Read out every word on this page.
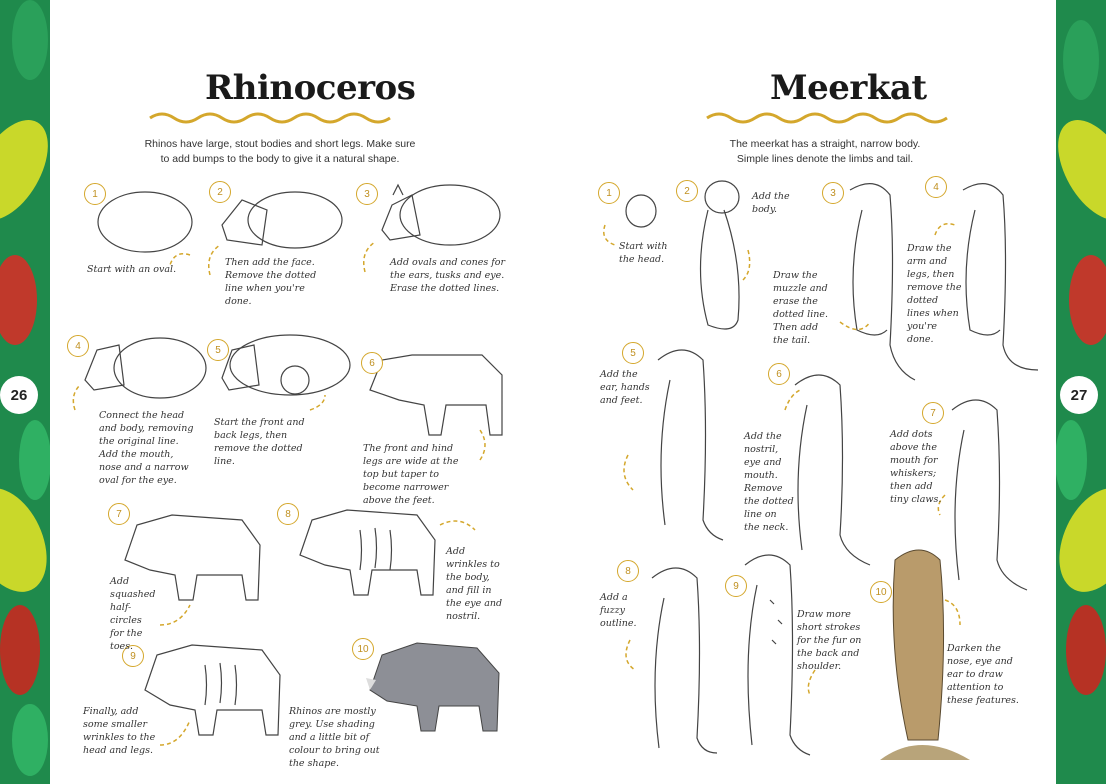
26	27
Rhinoceros	Meerkat
Rhinos have large, stout bodies and short legs. Make sure
to add bumps to the body to give it a natural shape.
The meerkat has a straight, narrow body.
Simple lines denote the limbs and tail.
1	2	3
4	5
6
7	8
9
10
Start with an oval.
Then add the face. Remove the dotted line when you're done.
Add ovals and cones for the ears, tusks and eye. Erase the dotted lines.
Connect the head and body, removing the original line. Add the mouth, nose and a narrow oval for the eye.
Start the front and back legs, then remove the dotted line.
The front and hind legs are wide at the top but taper to become narrower above the feet.
Add squashed half-circles for the toes.
Add wrinkles to the body, and fill in the eye and nostril.
Finally, add some smaller wrinkles to the head and legs.
Rhinos are mostly grey. Use shading and a little bit of colour to bring out the shape.
1	2	3
4
5
6
7
8
9
10
Start with the head.
Add the body.
Draw the muzzle and erase the dotted line. Then add the tail.
Draw the arm and legs, then remove the dotted lines when you're done.
Add the ear, hands and feet.
Add the nostril, eye and mouth. Remove the dotted line on the neck.
Add dots above the mouth for whiskers; then add tiny claws.
Add a fuzzy outline.
Draw more short strokes for the fur on the back and shoulder.
Darken the nose, eye and ear to draw attention to these features.
